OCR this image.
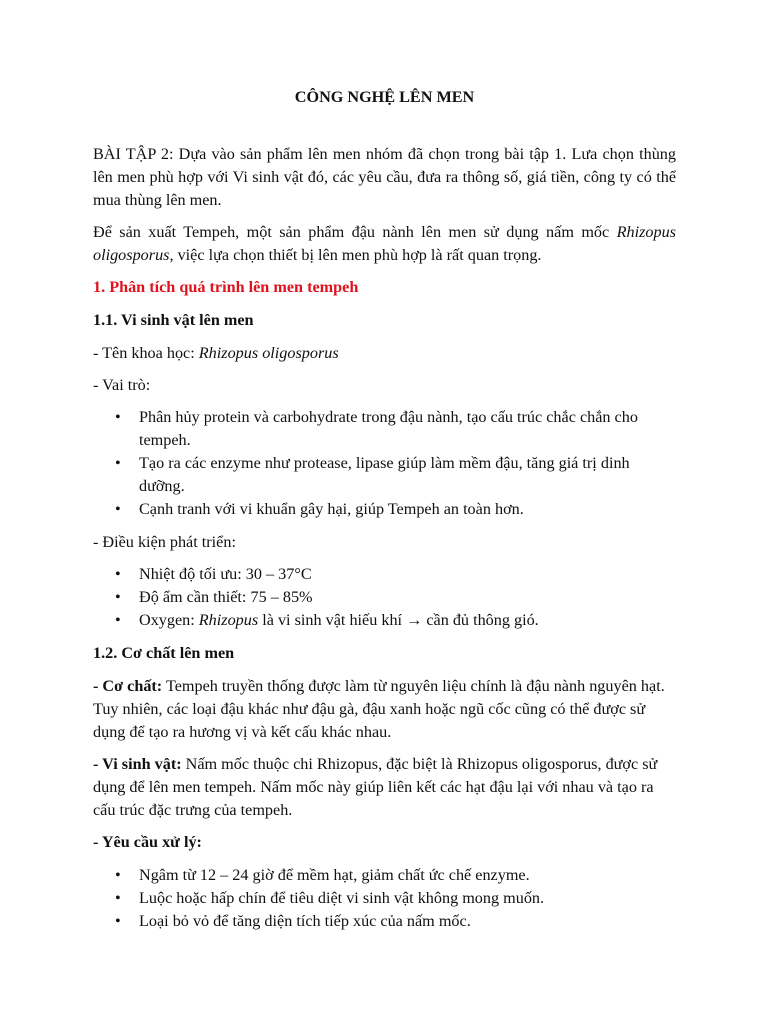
CÔNG NGHỆ LÊN MEN

BÀI TẬP 2: Dựa vào sản phẩm lên men nhóm đã chọn trong bài tập 1. Lưa chọn thùng lên men phù hợp với Vi sinh vật đó, các yêu cầu, đưa ra thông số, giá tiền, công ty có thể mua thùng lên men.

Để sản xuất Tempeh, một sản phẩm đậu nành lên men sử dụng nấm mốc Rhizopus oligosporus, việc lựa chọn thiết bị lên men phù hợp là rất quan trọng.

1. Phân tích quá trình lên men tempeh

1.1. Vi sinh vật lên men

- Tên khoa học: Rhizopus oligosporus

- Vai trò:

• Phân hủy protein và carbohydrate trong đậu nành, tạo cấu trúc chắc chắn cho tempeh.
• Tạo ra các enzyme như protease, lipase giúp làm mềm đậu, tăng giá trị dinh dưỡng.
• Cạnh tranh với vi khuẩn gây hại, giúp Tempeh an toàn hơn.

- Điều kiện phát triển:

• Nhiệt độ tối ưu: 30 – 37°C
• Độ ẩm cần thiết: 75 – 85%
• Oxygen: Rhizopus là vi sinh vật hiếu khí → cần đủ thông gió.

1.2. Cơ chất lên men

- Cơ chất: Tempeh truyền thống được làm từ nguyên liệu chính là đậu nành nguyên hạt. Tuy nhiên, các loại đậu khác như đậu gà, đậu xanh hoặc ngũ cốc cũng có thể được sử dụng để tạo ra hương vị và kết cấu khác nhau.

- Vi sinh vật: Nấm mốc thuộc chi Rhizopus, đặc biệt là Rhizopus oligosporus, được sử dụng để lên men tempeh. Nấm mốc này giúp liên kết các hạt đậu lại với nhau và tạo ra cấu trúc đặc trưng của tempeh.

- Yêu cầu xử lý:

• Ngâm từ 12 – 24 giờ để mềm hạt, giảm chất ức chế enzyme.
• Luộc hoặc hấp chín để tiêu diệt vi sinh vật không mong muốn.
• Loại bỏ vỏ để tăng diện tích tiếp xúc của nấm mốc.
